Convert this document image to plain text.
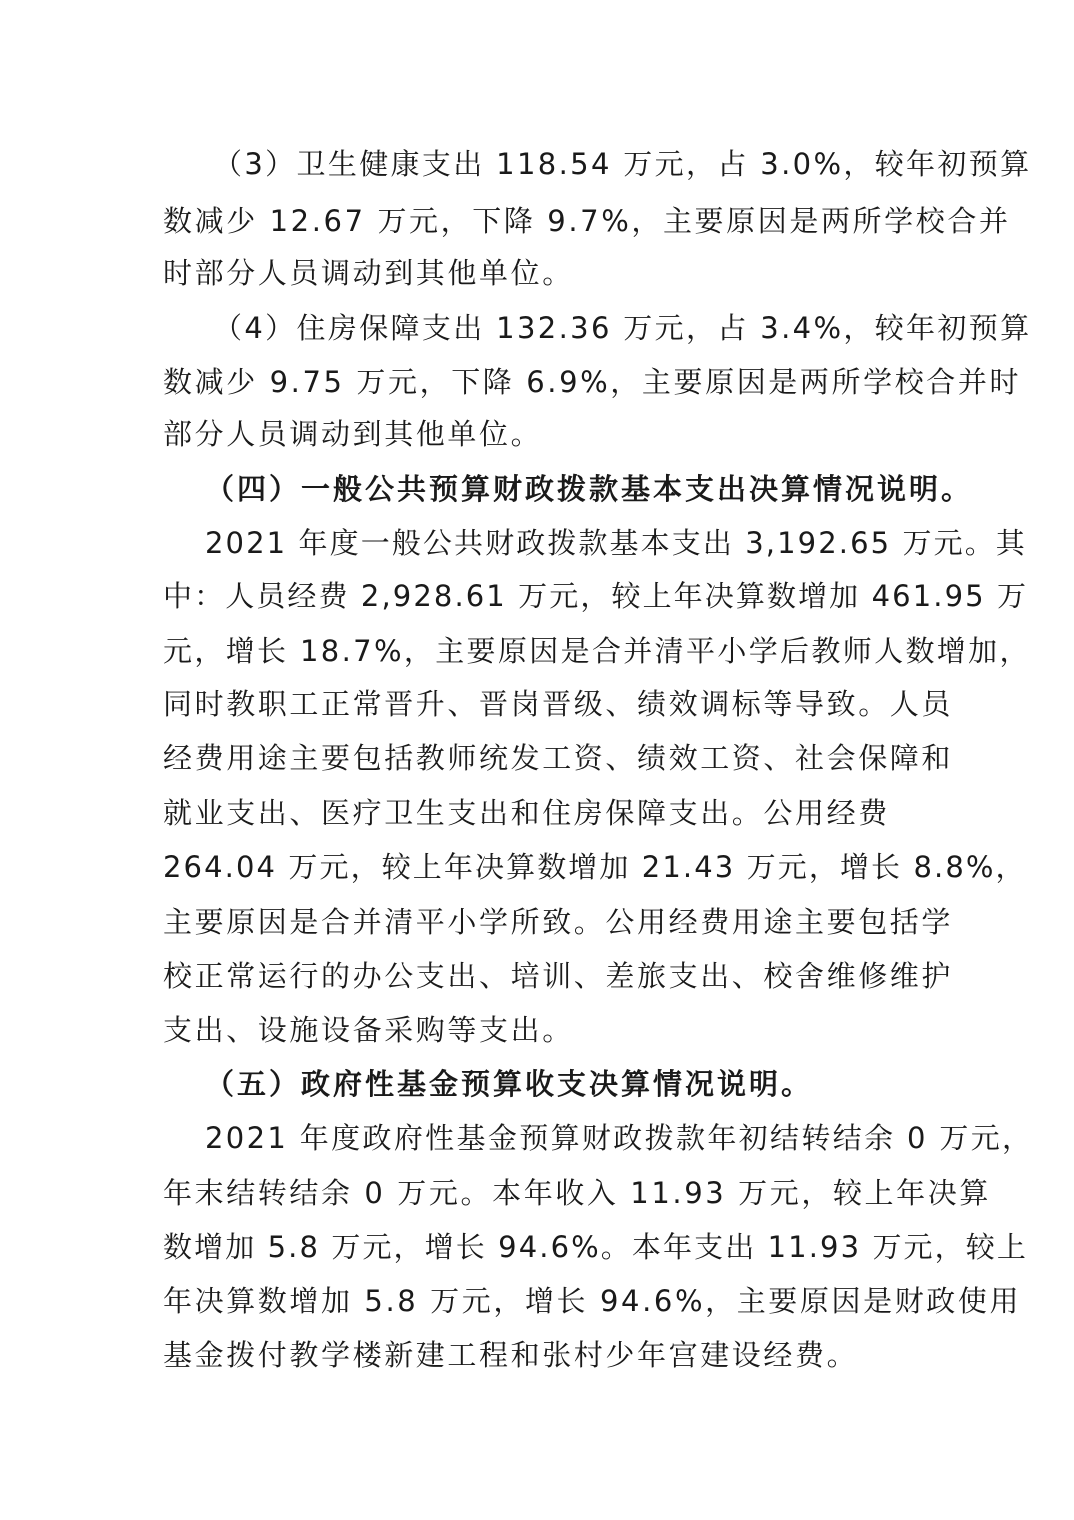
（3）卫生健康支出 118.54 万元，占 3.0%，较年初预算
数减少 12.67 万元，下降 9.7%，主要原因是两所学校合并
时部分人员调动到其他单位。
（4）住房保障支出 132.36 万元，占 3.4%，较年初预算
数减少 9.75 万元，下降 6.9%，主要原因是两所学校合并时
部分人员调动到其他单位。
（四）一般公共预算财政拨款基本支出决算情况说明。
2021 年度一般公共财政拨款基本支出 3,192.65 万元。其
中：人员经费 2,928.61 万元，较上年决算数增加 461.95 万
元，增长 18.7%，主要原因是合并清平小学后教师人数增加，
同时教职工正常晋升、晋岗晋级、绩效调标等导致。人员
经费用途主要包括教师统发工资、绩效工资、社会保障和
就业支出、医疗卫生支出和住房保障支出。公用经费
264.04 万元，较上年决算数增加 21.43 万元，增长 8.8%，
主要原因是合并清平小学所致。公用经费用途主要包括学
校正常运行的办公支出、培训、差旅支出、校舍维修维护
支出、设施设备采购等支出。
（五）政府性基金预算收支决算情况说明。
2021 年度政府性基金预算财政拨款年初结转结余 0 万元，
年末结转结余 0 万元。本年收入 11.93 万元，较上年决算
数增加 5.8 万元，增长 94.6%。本年支出 11.93 万元，较上
年决算数增加 5.8 万元，增长 94.6%，主要原因是财政使用
基金拨付教学楼新建工程和张村少年宫建设经费。
